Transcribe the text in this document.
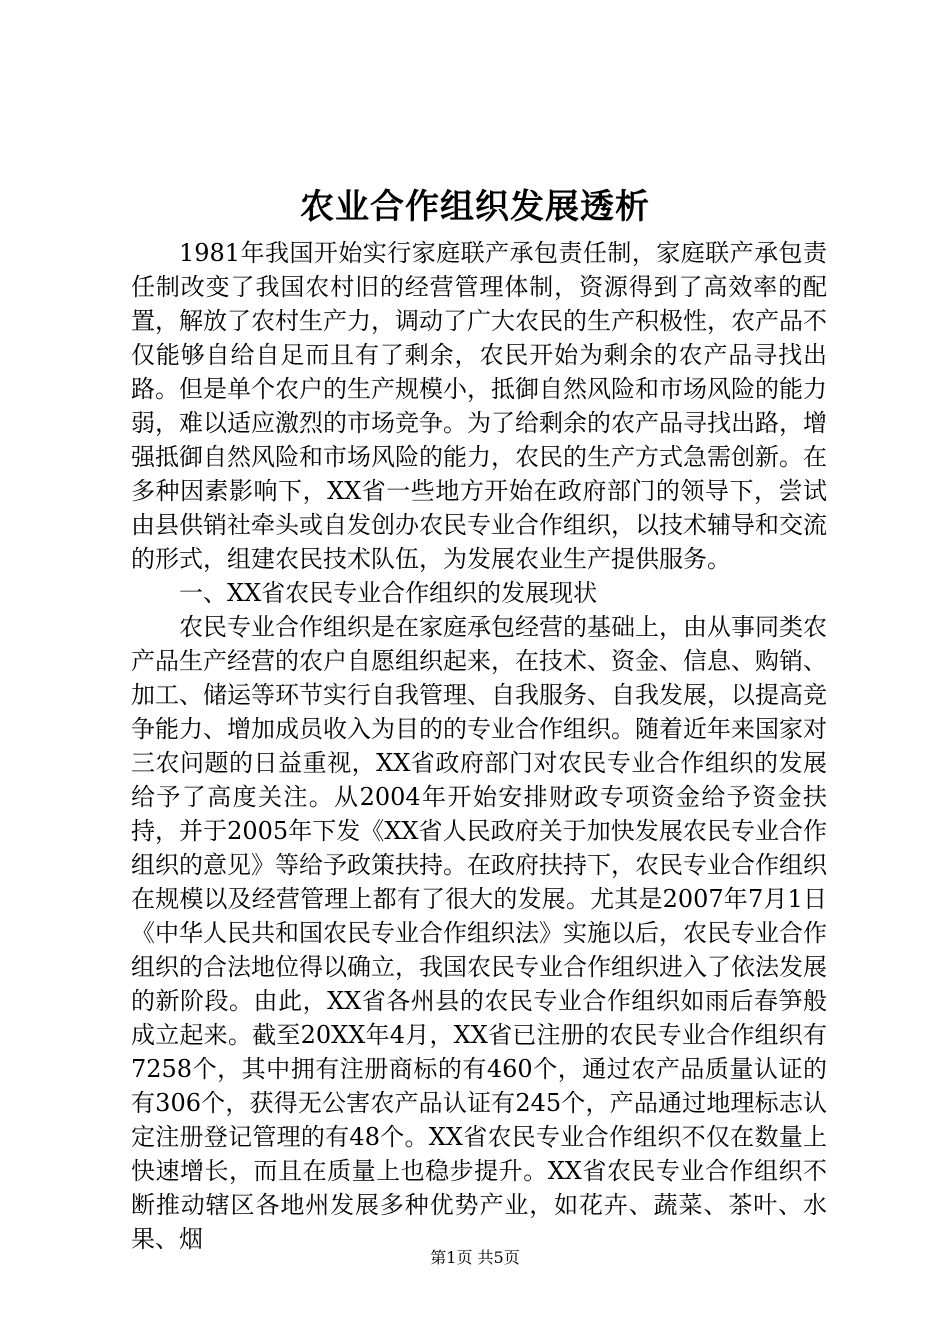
农业合作组织发展透析

1981年我国开始实行家庭联产承包责任制，家庭联产承包责任制改变了我国农村旧的经营管理体制，资源得到了高效率的配置，解放了农村生产力，调动了广大农民的生产积极性，农产品不仅能够自给自足而且有了剩余，农民开始为剩余的农产品寻找出路。但是单个农户的生产规模小，抵御自然风险和市场风险的能力弱，难以适应激烈的市场竞争。为了给剩余的农产品寻找出路，增强抵御自然风险和市场风险的能力，农民的生产方式急需创新。在多种因素影响下，XX省一些地方开始在政府部门的领导下，尝试由县供销社牵头或自发创办农民专业合作组织，以技术辅导和交流的形式，组建农民技术队伍，为发展农业生产提供服务。

一、XX省农民专业合作组织的发展现状

农民专业合作组织是在家庭承包经营的基础上，由从事同类农产品生产经营的农户自愿组织起来，在技术、资金、信息、购销、加工、储运等环节实行自我管理、自我服务、自我发展，以提高竞争能力、增加成员收入为目的的专业合作组织。随着近年来国家对三农问题的日益重视，XX省政府部门对农民专业合作组织的发展给予了高度关注。从2004年开始安排财政专项资金给予资金扶持，并于2005年下发《XX省人民政府关于加快发展农民专业合作组织的意见》等给予政策扶持。在政府扶持下，农民专业合作组织在规模以及经营管理上都有了很大的发展。尤其是2007年7月1日《中华人民共和国农民专业合作组织法》实施以后，农民专业合作组织的合法地位得以确立，我国农民专业合作组织进入了依法发展的新阶段。由此，XX省各州县的农民专业合作组织如雨后春笋般成立起来。截至20XX年4月，XX省已注册的农民专业合作组织有7258个，其中拥有注册商标的有460个，通过农产品质量认证的有306个，获得无公害农产品认证有245个，产品通过地理标志认定注册登记管理的有48个。XX省农民专业合作组织不仅在数量上快速增长，而且在质量上也稳步提升。XX省农民专业合作组织不断推动辖区各地州发展多种优势产业，如花卉、蔬菜、茶叶、水果、烟

第1页 共5页
